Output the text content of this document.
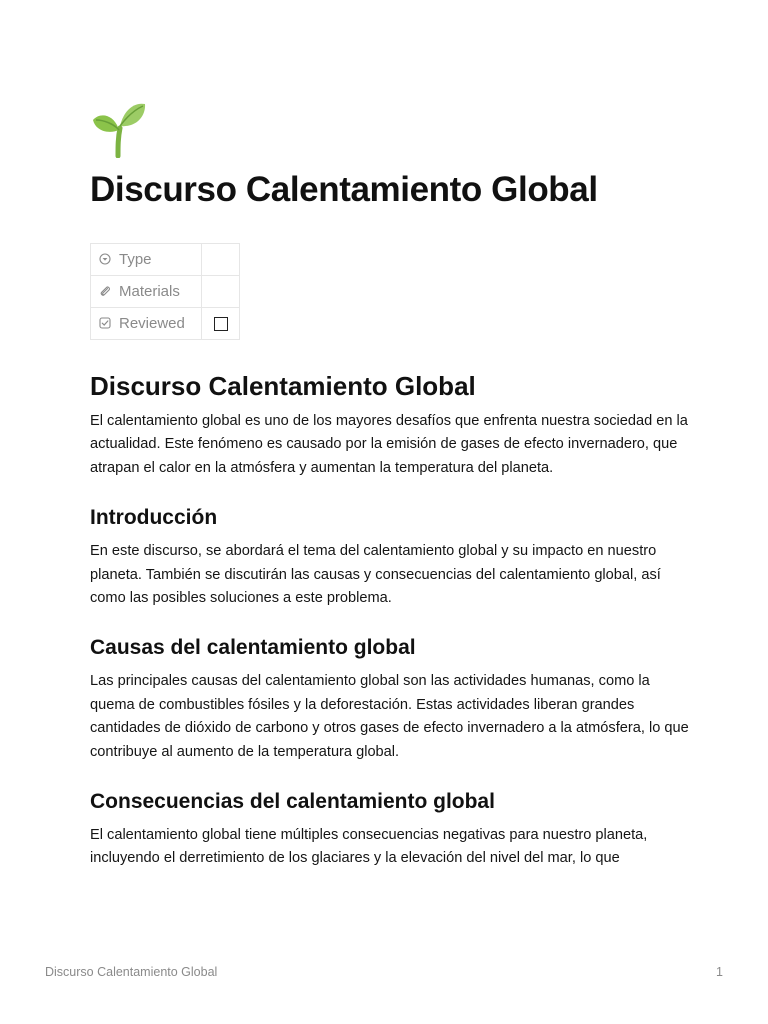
Discurso Calentamiento Global
Type	
Materials	
Reviewed	
Discurso Calentamiento Global

El calentamiento global es uno de los mayores desafíos que enfrenta nuestra sociedad en la actualidad. Este fenómeno es causado por la emisión de gases de efecto invernadero, que atrapan el calor en la atmósfera y aumentan la temperatura del planeta.

Introducción

En este discurso, se abordará el tema del calentamiento global y su impacto en nuestro planeta. También se discutirán las causas y consecuencias del calentamiento global, así como las posibles soluciones a este problema.

Causas del calentamiento global

Las principales causas del calentamiento global son las actividades humanas, como la quema de combustibles fósiles y la deforestación. Estas actividades liberan grandes cantidades de dióxido de carbono y otros gases de efecto invernadero a la atmósfera, lo que contribuye al aumento de la temperatura global.

Consecuencias del calentamiento global

El calentamiento global tiene múltiples consecuencias negativas para nuestro planeta, incluyendo el derretimiento de los glaciares y la elevación del nivel del mar, lo que

Discurso Calentamiento Global	1
